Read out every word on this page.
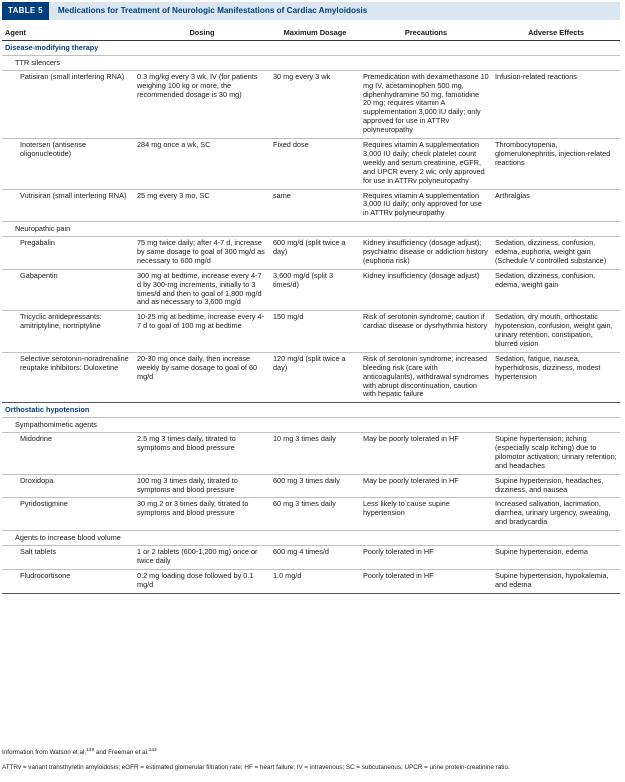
TABLE 5	Medications for Treatment of Neurologic Manifestations of Cardiac Amyloidosis
Agent	Dosing	Maximum Dosage	Precautions	Adverse Effects
Disease-modifying therapy				
TTR silencers				
Patisiran (small interfering RNA)	0.3 mg/kg every 3 wk, IV (for patients weighing 100 kg or more, the recommended dosage is 30 mg)	30 mg every 3 wk	Premedication with dexamethasone 10 mg IV, acetaminophen 500 mg, diphenhydramine 50 mg, famotidine 20 mg; requires vitamin A supplementation 3,000 IU daily; only approved for use in ATTRv polyneuropathy	Infusion-related reactions
Inotersen (antisense oligonucleotide)	284 mg once a wk, SC	Fixed dose	Requires vitamin A supplementation 3,000 IU daily; check platelet count weekly and serum creatinine, eGFR, and UPCR every 2 wk; only approved for use in ATTRv polyneuropathy	Thrombocytopenia, glomerulonephritis, injection-related reactions
Vutrisiran (small interfering RNA)	25 mg every 3 mo, SC	same	Requires vitamin A supplementation 3,000 IU daily; only approved for use in ATTRv polyneuropathy	Arthralgias
Neuropathic pain				
Pregabalin	75 mg twice daily; after 4-7 d, increase by same dosage to goal of 300 mg/d as necessary to 600 mg/d	600 mg/d (split twice a day)	Kidney insufficiency (dosage adjust); psychiatric disease or addiction history (euphoria risk)	Sedation, dizziness, confusion, edema, euphoria, weight gain (Schedule V controlled substance)
Gabapentin	300 mg at bedtime, increase every 4-7 d by 300-mg increments, initially to 3 times/d and then to goal of 1,800 mg/d and as necessary to 3,600 mg/d	3,600 mg/d (split 3 times/d)	Kidney insufficiency (dosage adjust)	Sedation, dizziness, confusion, edema, weight gain
Tricyclic antidepressants: amitriptyline, nortriptyline	10-25 mg at bedtime, increase every 4-7 d to goal of 100 mg at bedtime	150 mg/d	Risk of serotonin syndrome; caution if cardiac disease or dysrhythmia history	Sedation, dry mouth, orthostatic hypotension, confusion, weight gain, urinary retention, constipation, blurred vision
Selective serotonin-noradrenaline reuptake inhibitors: Duloxetine	20-30 mg once daily, then increase weekly by same dosage to goal of 60 mg/d	120 mg/d (split twice a day)	Risk of serotonin syndrome; increased bleeding risk (care with anticoagulants), withdrawal syndromes with abrupt discontinuation, caution with hepatic failure	Sedation, fatigue, nausea, hyperhidrosis, dizziness, modest hypertension
Orthostatic hypotension				
Sympathomimetic agents				
Midodrine	2.5 mg 3 times daily, titrated to symptoms and blood pressure	10 mg 3 times daily	May be poorly tolerated in HF	Supine hypertension; itching (especially scalp itching) due to pilomotor activation; urinary retention; and headaches
Droxidopa	100 mg 3 times daily, titrated to symptoms and blood pressure	600 mg 3 times daily	May be poorly tolerated in HF	Supine hypertension, headaches, dizziness, and nausea
Pyridostigmine	30 mg 2 or 3 times daily, titrated to symptoms and blood pressure	60 mg 3 times daily	Less likely to cause supine hypertension	Increased salivation, lacrimation, diarrhea, urinary urgency, sweating, and bradycardia
Agents to increase blood volume				
Salt tablets	1 or 2 tablets (600-1,200 mg) once or twice daily	600 mg 4 times/d	Poorly tolerated in HF	Supine hypertension, edema
Fludrocortisone	0.2 mg loading dose followed by 0.1 mg/d	1.0 mg/d	Poorly tolerated in HF	Supine hypertension, hypokalemia, and edema
Information from Watson et al.$^{139}$ and Freeman et al.$^{142}$
ATTRv = variant transthyretin amyloidosis; eGFR = estimated glomerular filtration rate; HF = heart failure; IV = intravenous; SC = subcutaneous; UPCR = urine protein-creatinine ratio.
